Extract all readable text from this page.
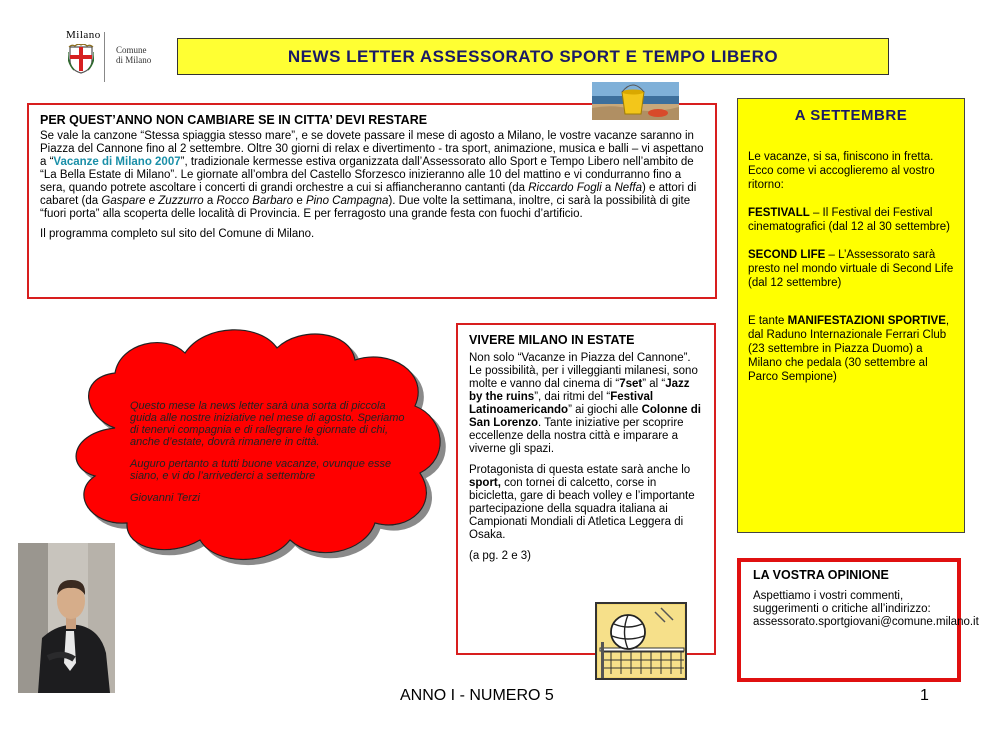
Milano
Comune
di Milano	NEWS LETTER ASSESSORATO SPORT E TEMPO LIBERO
PER QUEST’ANNO NON CAMBIARE SE IN CITTA’ DEVI RESTARE

Se vale la canzone “Stessa spiaggia stesso mare”, e se dovete passare il mese di agosto a Milano, le vostre vacanze saranno in Piazza del Cannone fino al 2 settembre. Oltre 30 giorni di relax e divertimento - tra sport, animazione, musica e balli – vi aspettano a “Vacanze di Milano 2007”, tradizionale kermesse estiva organizzata dall’Assessorato allo Sport e Tempo Libero nell’ambito de “La Bella Estate di Milano”. Le giornate all’ombra del Castello Sforzesco inizieranno alle 10 del mattino e vi condurranno fino a sera, quando potrete ascoltare i concerti di grandi orchestre a cui si affiancheranno cantanti (da Riccardo Fogli a Neffa) e attori di cabaret (da Gaspare e Zuzzurro a Rocco Barbaro e Pino Campagna). Due volte la settimana, inoltre, ci sarà la possibilità di gite “fuori porta” alla scoperta delle località di Provincia. E per ferragosto una grande festa con fuochi d’artificio.

Il programma completo sul sito del Comune di Milano.

A SETTEMBRE

Le vacanze, si sa, finiscono in fretta. Ecco come vi accoglieremo al vostro ritorno:

FESTIVALL – Il Festival dei Festival cinematografici (dal 12 al 30 settembre)

SECOND LIFE – L’Assessorato sarà presto nel mondo virtuale di Second Life (dal 12 settembre)

E tante MANIFESTAZIONI SPORTIVE, dal Raduno Internazionale Ferrari Club (23 settembre in Piazza Duomo) a Milano che pedala (30 settembre al Parco Sempione)

Questo mese la news letter sarà una sorta di piccola guida alle nostre iniziative nel mese di agosto. Speriamo di tenervi compagnia e di rallegrare le giornate di chi, anche d’estate, dovrà rimanere in città.

Auguro pertanto a tutti buone vacanze, ovunque esse siano, e vi do l’arrivederci a settembre

Giovanni Terzi

VIVERE MILANO IN ESTATE

Non solo “Vacanze in Piazza del Cannone”. Le possibilità, per i villeggianti milanesi, sono molte e vanno dal cinema di “7set” al “Jazz by the ruins”, dai ritmi del “Festival Latinoamericando” ai giochi alle Colonne di San Lorenzo. Tante iniziative per scoprire eccellenze della nostra città e imparare a viverne gli spazi.

Protagonista di questa estate sarà anche lo sport, con tornei di calcetto, corse in bicicletta, gare di beach volley e l’importante partecipazione della squadra italiana ai Campionati Mondiali di Atletica Leggera di Osaka.

(a pg. 2 e 3)

LA VOSTRA OPINIONE

Aspettiamo i vostri commenti, suggerimenti o critiche all’indirizzo: assessorato.sportgiovani@comune.milano.it

ANNO I - NUMERO 5	1
